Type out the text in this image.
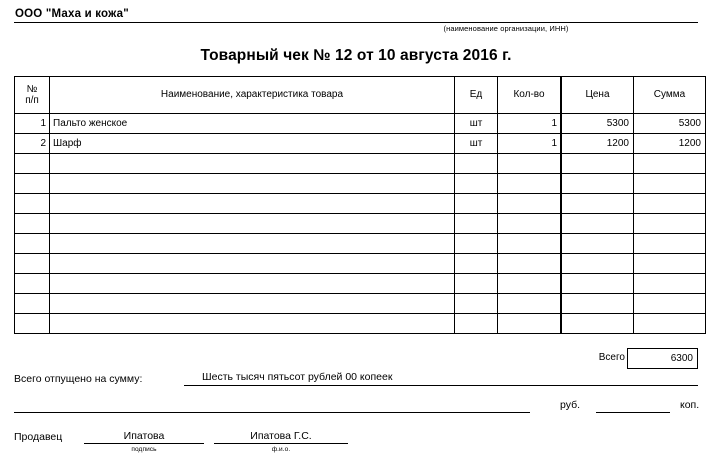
ООО "Маха и кожа"
(наименование организации, ИНН)
Товарный чек № 12 от 10 августа 2016 г.
№
п/п	Наименование, характеристика товара	Ед	Кол-во	Цена	Сумма
1	Пальто женское	шт	1	5300	5300
2	Шарф	шт	1	1200	1200

Всего	6300
Всего отпущено на сумму:	Шесть тысяч пятьсот рублей 00 копеек
руб.	коп.
Продавец	Ипатова
подпись
Ипатова Г.С.
ф.и.о.
